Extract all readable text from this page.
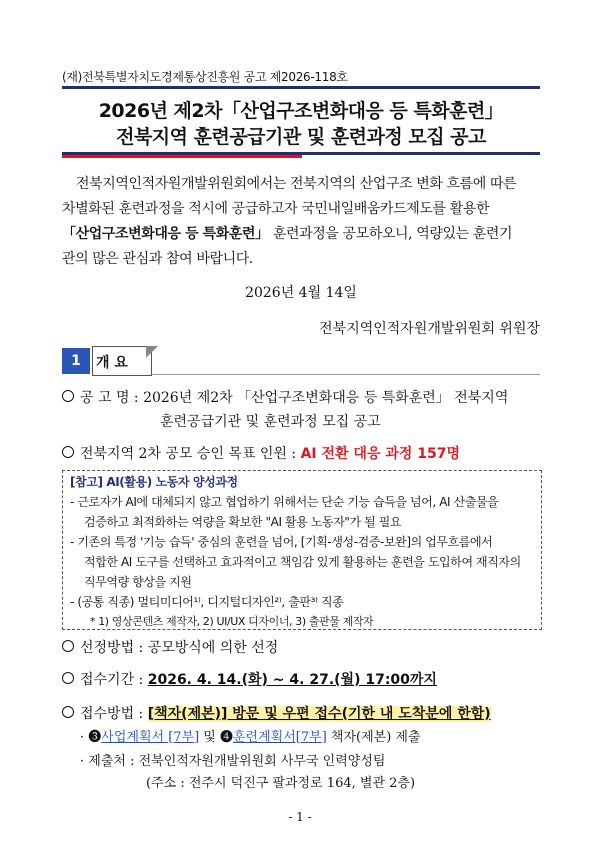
(재)전북특별자치도경제통상진흥원 공고 제2026-118호
2026년 제2차「산업구조변화대응 등 특화훈련」
전북지역 훈련공급기관 및 훈련과정 모집 공고

전북지역인적자원개발위원회에서는 전북지역의 산업구조 변화 흐름에 따른

차별화된 훈련과정을 적시에 공급하고자 국민내일배움카드제도를 활용한

「산업구조변화대응 등 특화훈련」 훈련과정을 공모하오니, 역량있는 훈련기

관의 많은 관심과 참여 바랍니다.

2026년 4월 14일
전북지역인적자원개발위원회 위원장
1	개 요
공 고 명 : 2026년 제2차 「산업구조변화대응 등 특화훈련」 전북지역
훈련공급기관 및 훈련과정 모집 공고
전북지역 2차 공모 승인 목표 인원 : AI 전환 대응 과정 157명
[참고] AI(활용) 노동자 양성과정
- 근로자가 AI에 대체되지 않고 협업하기 위해서는 단순 기능 습득을 넘어, AI 산출물을
검증하고 최적화하는 역량을 확보한 "AI 활용 노동자"가 될 필요
- 기존의 특정 '기능 습득' 중심의 훈련을 넘어, [기획-생성-검증-보완]의 업무흐름에서
적합한 AI 도구를 선택하고 효과적이고 책임감 있게 활용하는 훈련을 도입하여 재직자의
직무역량 향상을 지원
- (공통 직종) 멀티미디어¹⁾, 디지털디자인²⁾, 출판³⁾ 직종
* 1) 영상콘텐츠 제작자, 2) UI/UX 디자이너, 3) 출판물 제작자
선정방법 : 공모방식에 의한 선정
접수기간 : 2026. 4. 14.(화) ~ 4. 27.(월) 17:00까지
접수방법 : [책자(제본)] 방문 및 우편 접수(기한 내 도착분에 한함)
· ❸사업계획서 [7부] 및 ❹훈련계획서[7부] 책자(제본) 제출
· 제출처 : 전북인적자원개발위원회 사무국 인력양성팀
(주소 : 전주시 덕진구 팔과정로 164, 별관 2층)
- 1 -
